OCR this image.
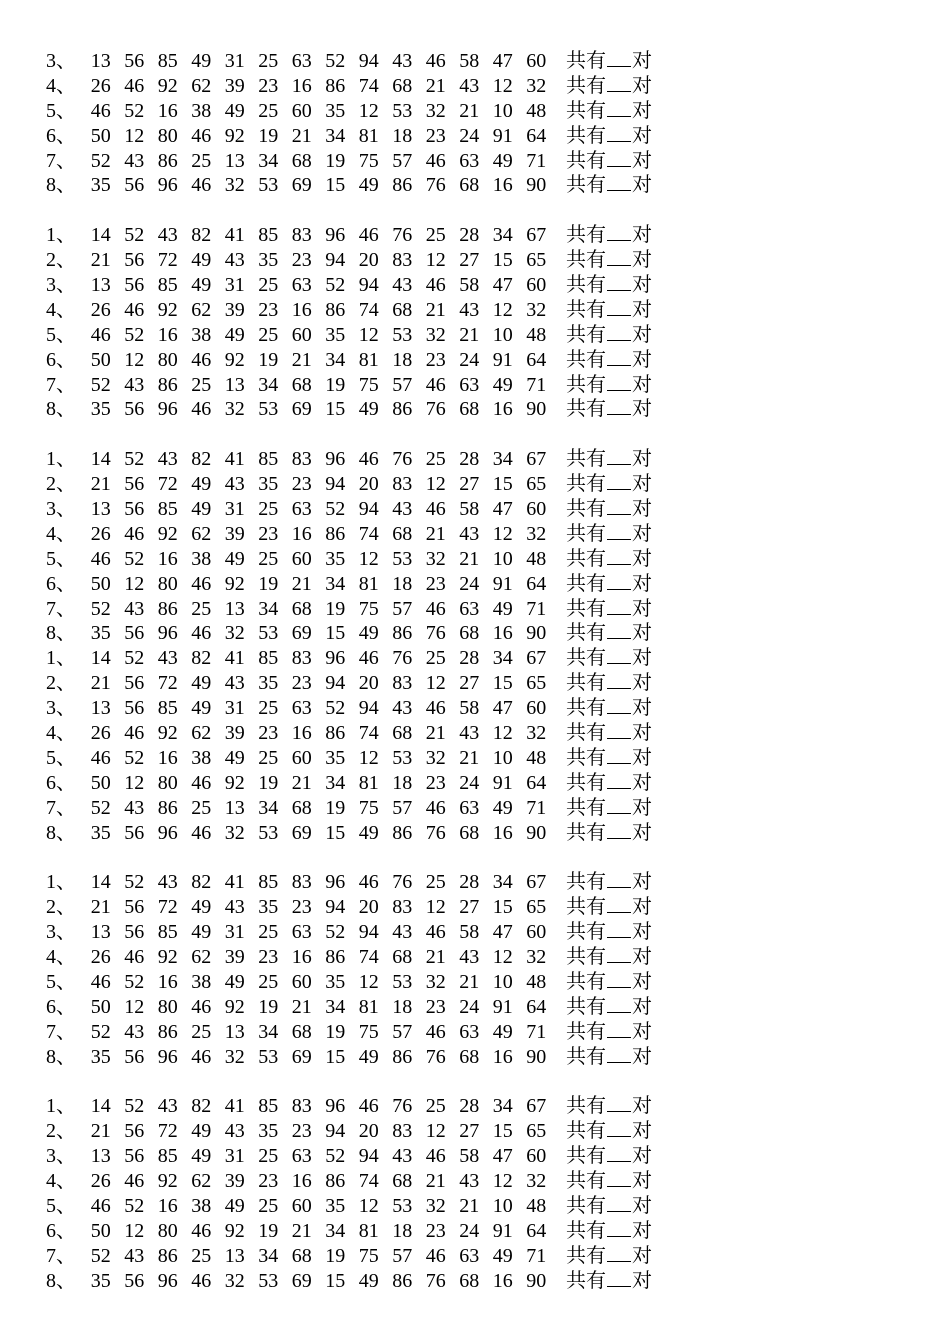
3、 13 56 85 49 31 25 63 52 94 43 46 58 47 60 共有 对
4、 26 46 92 62 39 23 16 86 74 68 21 43 12 32 共有 对
5、 46 52 16 38 49 25 60 35 12 53 32 21 10 48 共有 对
6、 50 12 80 46 92 19 21 34 81 18 23 24 91 64 共有 对
7、 52 43 86 25 13 34 68 19 75 57 46 63 49 71 共有 对
8、 35 56 96 46 32 53 69 15 49 86 76 68 16 90 共有 对
1、 14 52 43 82 41 85 83 96 46 76 25 28 34 67 共有 对
2、 21 56 72 49 43 35 23 94 20 83 12 27 15 65 共有 对
3、 13 56 85 49 31 25 63 52 94 43 46 58 47 60 共有 对
4、 26 46 92 62 39 23 16 86 74 68 21 43 12 32 共有 对
5、 46 52 16 38 49 25 60 35 12 53 32 21 10 48 共有 对
6、 50 12 80 46 92 19 21 34 81 18 23 24 91 64 共有 对
7、 52 43 86 25 13 34 68 19 75 57 46 63 49 71 共有 对
8、 35 56 96 46 32 53 69 15 49 86 76 68 16 90 共有 对
1、 14 52 43 82 41 85 83 96 46 76 25 28 34 67 共有 对
2、 21 56 72 49 43 35 23 94 20 83 12 27 15 65 共有 对
3、 13 56 85 49 31 25 63 52 94 43 46 58 47 60 共有 对
4、 26 46 92 62 39 23 16 86 74 68 21 43 12 32 共有 对
5、 46 52 16 38 49 25 60 35 12 53 32 21 10 48 共有 对
6、 50 12 80 46 92 19 21 34 81 18 23 24 91 64 共有 对
7、 52 43 86 25 13 34 68 19 75 57 46 63 49 71 共有 对
8、 35 56 96 46 32 53 69 15 49 86 76 68 16 90 共有 对
1、 14 52 43 82 41 85 83 96 46 76 25 28 34 67 共有 对
2、 21 56 72 49 43 35 23 94 20 83 12 27 15 65 共有 对
3、 13 56 85 49 31 25 63 52 94 43 46 58 47 60 共有 对
4、 26 46 92 62 39 23 16 86 74 68 21 43 12 32 共有 对
5、 46 52 16 38 49 25 60 35 12 53 32 21 10 48 共有 对
6、 50 12 80 46 92 19 21 34 81 18 23 24 91 64 共有 对
7、 52 43 86 25 13 34 68 19 75 57 46 63 49 71 共有 对
8、 35 56 96 46 32 53 69 15 49 86 76 68 16 90 共有 对
1、 14 52 43 82 41 85 83 96 46 76 25 28 34 67 共有 对
2、 21 56 72 49 43 35 23 94 20 83 12 27 15 65 共有 对
3、 13 56 85 49 31 25 63 52 94 43 46 58 47 60 共有 对
4、 26 46 92 62 39 23 16 86 74 68 21 43 12 32 共有 对
5、 46 52 16 38 49 25 60 35 12 53 32 21 10 48 共有 对
6、 50 12 80 46 92 19 21 34 81 18 23 24 91 64 共有 对
7、 52 43 86 25 13 34 68 19 75 57 46 63 49 71 共有 对
8、 35 56 96 46 32 53 69 15 49 86 76 68 16 90 共有 对
1、 14 52 43 82 41 85 83 96 46 76 25 28 34 67 共有 对
2、 21 56 72 49 43 35 23 94 20 83 12 27 15 65 共有 对
3、 13 56 85 49 31 25 63 52 94 43 46 58 47 60 共有 对
4、 26 46 92 62 39 23 16 86 74 68 21 43 12 32 共有 对
5、 46 52 16 38 49 25 60 35 12 53 32 21 10 48 共有 对
6、 50 12 80 46 92 19 21 34 81 18 23 24 91 64 共有 对
7、 52 43 86 25 13 34 68 19 75 57 46 63 49 71 共有 对
8、 35 56 96 46 32 53 69 15 49 86 76 68 16 90 共有 对
